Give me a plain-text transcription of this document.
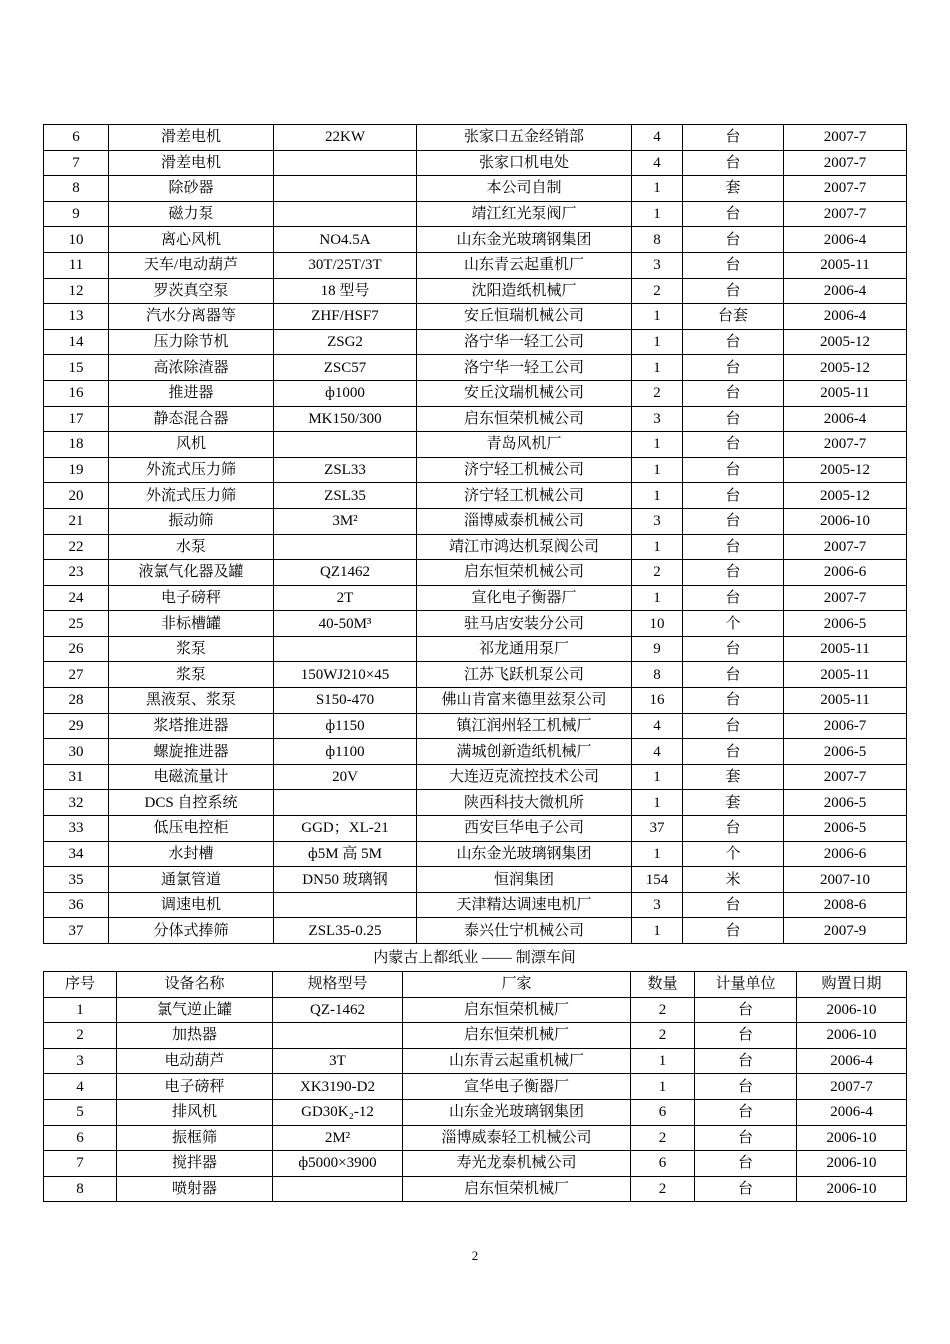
6	滑差电机	22KW	张家口五金经销部	4	台	2007-7
7	滑差电机		张家口机电处	4	台	2007-7
8	除砂器		本公司自制	1	套	2007-7
9	磁力泵		靖江红光泵阀厂	1	台	2007-7
10	离心风机	NO4.5A	山东金光玻璃钢集团	8	台	2006-4
11	天车/电动葫芦	30T/25T/3T	山东青云起重机厂	3	台	2005-11
12	罗茨真空泵	18 型号	沈阳造纸机械厂	2	台	2006-4
13	汽水分离器等	ZHF/HSF7	安丘恒瑞机械公司	1	台套	2006-4
14	压力除节机	ZSG2	洛宁华一轻工公司	1	台	2005-12
15	高浓除渣器	ZSC57	洛宁华一轻工公司	1	台	2005-12
16	推进器	ф1000	安丘汶瑞机械公司	2	台	2005-11
17	静态混合器	MK150/300	启东恒荣机械公司	3	台	2006-4
18	风机		青岛风机厂	1	台	2007-7
19	外流式压力筛	ZSL33	济宁轻工机械公司	1	台	2005-12
20	外流式压力筛	ZSL35	济宁轻工机械公司	1	台	2005-12
21	振动筛	3M²	淄博威泰机械公司	3	台	2006-10
22	水泵		靖江市鸿达机泵阀公司	1	台	2007-7
23	液氯气化器及罐	QZ1462	启东恒荣机械公司	2	台	2006-6
24	电子磅秤	2T	宣化电子衡器厂	1	台	2007-7
25	非标槽罐	40-50M³	驻马店安装分公司	10	个	2006-5
26	浆泵		祁龙通用泵厂	9	台	2005-11
27	浆泵	150WJ210×45	江苏飞跃机泵公司	8	台	2005-11
28	黑液泵、浆泵	S150-470	佛山肯富来德里兹泵公司	16	台	2005-11
29	浆塔推进器	ф1150	镇江润州轻工机械厂	4	台	2006-7
30	螺旋推进器	ф1100	满城创新造纸机械厂	4	台	2006-5
31	电磁流量计	20V	大连迈克流控技术公司	1	套	2007-7
32	DCS 自控系统		陕西科技大微机所	1	套	2006-5
33	低压电控柜	GGD；XL-21	西安巨华电子公司	37	台	2006-5
34	水封槽	ф5M 高 5M	山东金光玻璃钢集团	1	个	2006-6
35	通氯管道	DN50 玻璃钢	恒润集团	154	米	2007-10
36	调速电机		天津精达调速电机厂	3	台	2008-6
37	分体式捧筛	ZSL35-0.25	泰兴仕宁机械公司	1	台	2007-9
内蒙古上都纸业 —— 制漂车间
序号	设备名称	规格型号	厂家	数量	计量单位	购置日期
1	氯气逆止罐	QZ-1462	启东恒荣机械厂	2	台	2006-10
2	加热器		启东恒荣机械厂	2	台	2006-10
3	电动葫芦	3T	山东青云起重机械厂	1	台	2006-4
4	电子磅秤	XK3190-D2	宣华电子衡器厂	1	台	2007-7
5	排风机	GD30K₂-12	山东金光玻璃钢集团	6	台	2006-4
6	振框筛	2M²	淄博威泰轻工机械公司	2	台	2006-10
7	搅拌器	ф5000×3900	寿光龙泰机械公司	6	台	2006-10
8	喷射器		启东恒荣机械厂	2	台	2006-10
2
